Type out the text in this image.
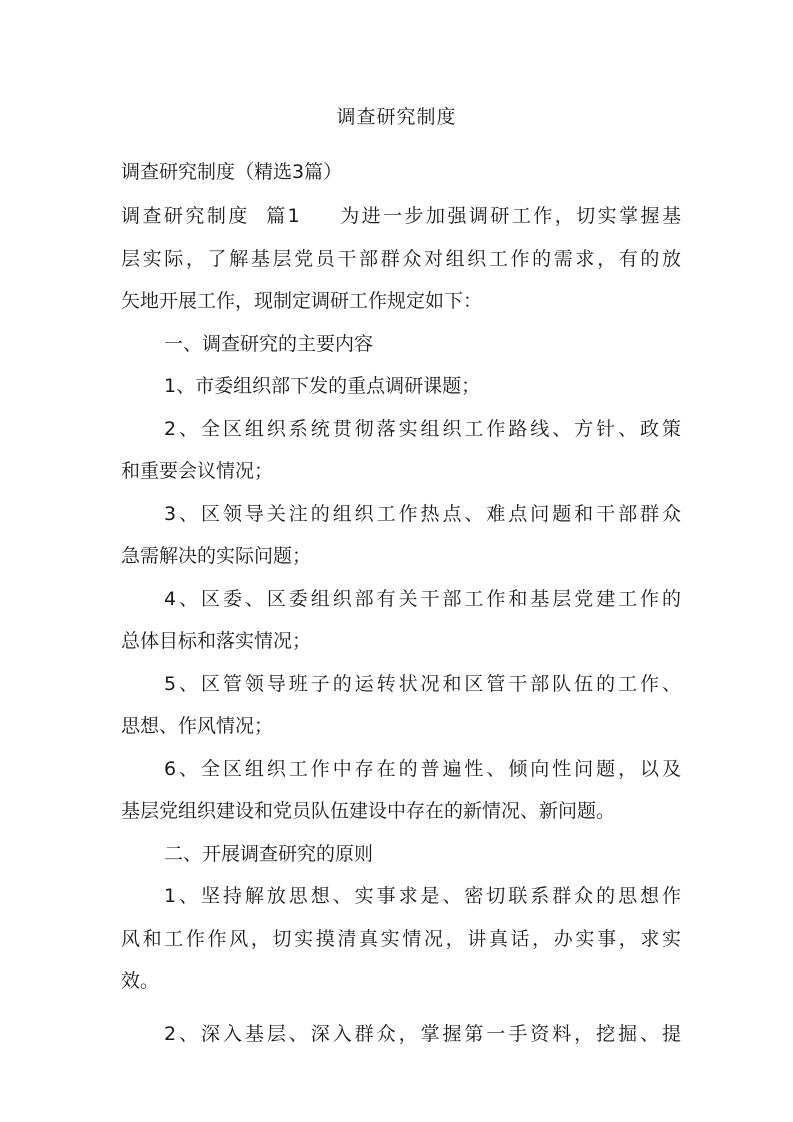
调查研究制度
调查研究制度（精选3篇）
调查研究制度 篇1 为进一步加强调研工作，切实掌握基
层实际，了解基层党员干部群众对组织工作的需求，有的放
矢地开展工作，现制定调研工作规定如下：
一、调查研究的主要内容
1、市委组织部下发的重点调研课题；
2、全区组织系统贯彻落实组织工作路线、方针、政策
和重要会议情况；
3、区领导关注的组织工作热点、难点问题和干部群众
急需解决的实际问题；
4、区委、区委组织部有关干部工作和基层党建工作的
总体目标和落实情况；
5、区管领导班子的运转状况和区管干部队伍的工作、
思想、作风情况；
6、全区组织工作中存在的普遍性、倾向性问题，以及
基层党组织建设和党员队伍建设中存在的新情况、新问题。
二、开展调查研究的原则
1、坚持解放思想、实事求是、密切联系群众的思想作
风和工作作风，切实摸清真实情况，讲真话，办实事，求实
效。
2、深入基层、深入群众，掌握第一手资料，挖掘、提
